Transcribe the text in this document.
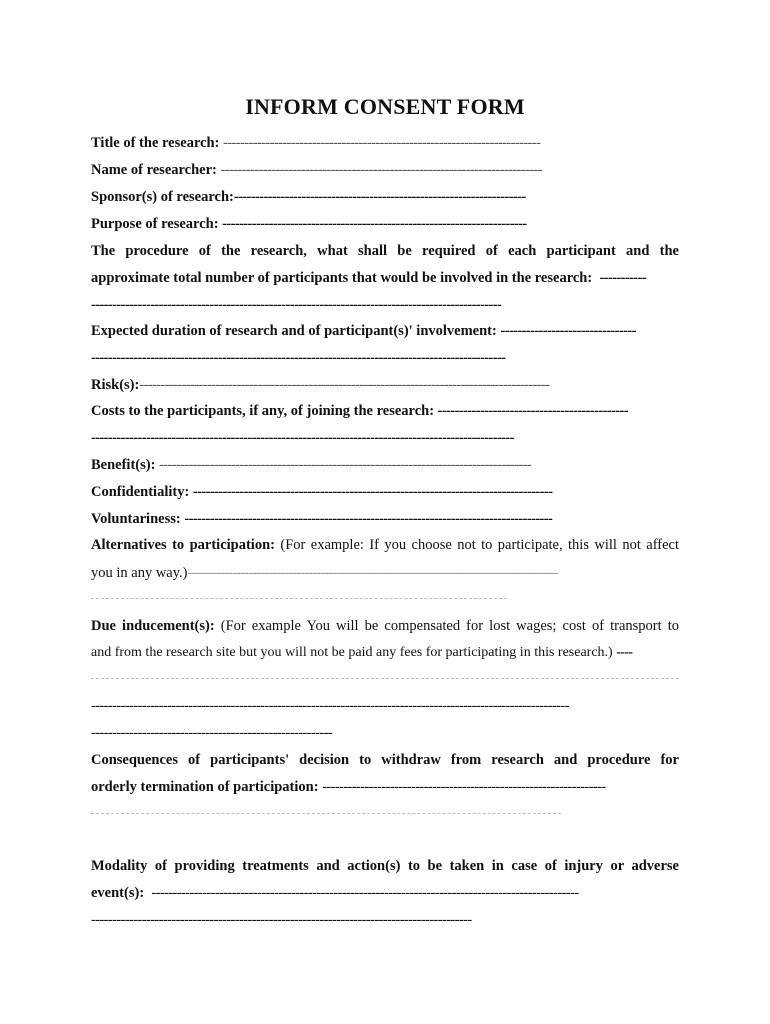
INFORM CONSENT FORM
Title of the research: ---------------------------------------------------------------------------
Name of researcher: ----------------------------------------------------------------------------
Sponsor(s) of research:---------------------------------------------------------------------
Purpose of research: ------------------------------------------------------------------------
The procedure of the research, what shall be required of each participant and the
approximate total number of participants that would be involved in the research: -----------
-------------------------------------------------------------------------------------------------
Expected duration of research and of participant(s)' involvement: --------------------------------
--------------------------------------------------------------------------------------------------
Risk(s):-------------------------------------------------------------------------------------------------
Costs to the participants, if any, of joining the research: ---------------------------------------------
----------------------------------------------------------------------------------------------------
Benefit(s): ----------------------------------------------------------------------------------------
Confidentiality: -------------------------------------------------------------------------------------
Voluntariness: ---------------------------------------------------------------------------------------
Alternatives to participation: (For example: If you choose not to participate, this will not affect
you in any way.)--------------------------------------------------------------------------------------------
Due inducement(s): (For example You will be compensated for lost wages; cost of transport to
and from the research site but you will not be paid any fees for participating in this research.) ----
-----------------------------------------------------------------------------------------------------------------
---------------------------------------------------------
Consequences of participants' decision to withdraw from research and procedure for
orderly termination of participation: -------------------------------------------------------------------
Modality of providing treatments and action(s) to be taken in case of injury or adverse
event(s): -----------------------------------------------------------------------------------------------------
------------------------------------------------------------------------------------------
